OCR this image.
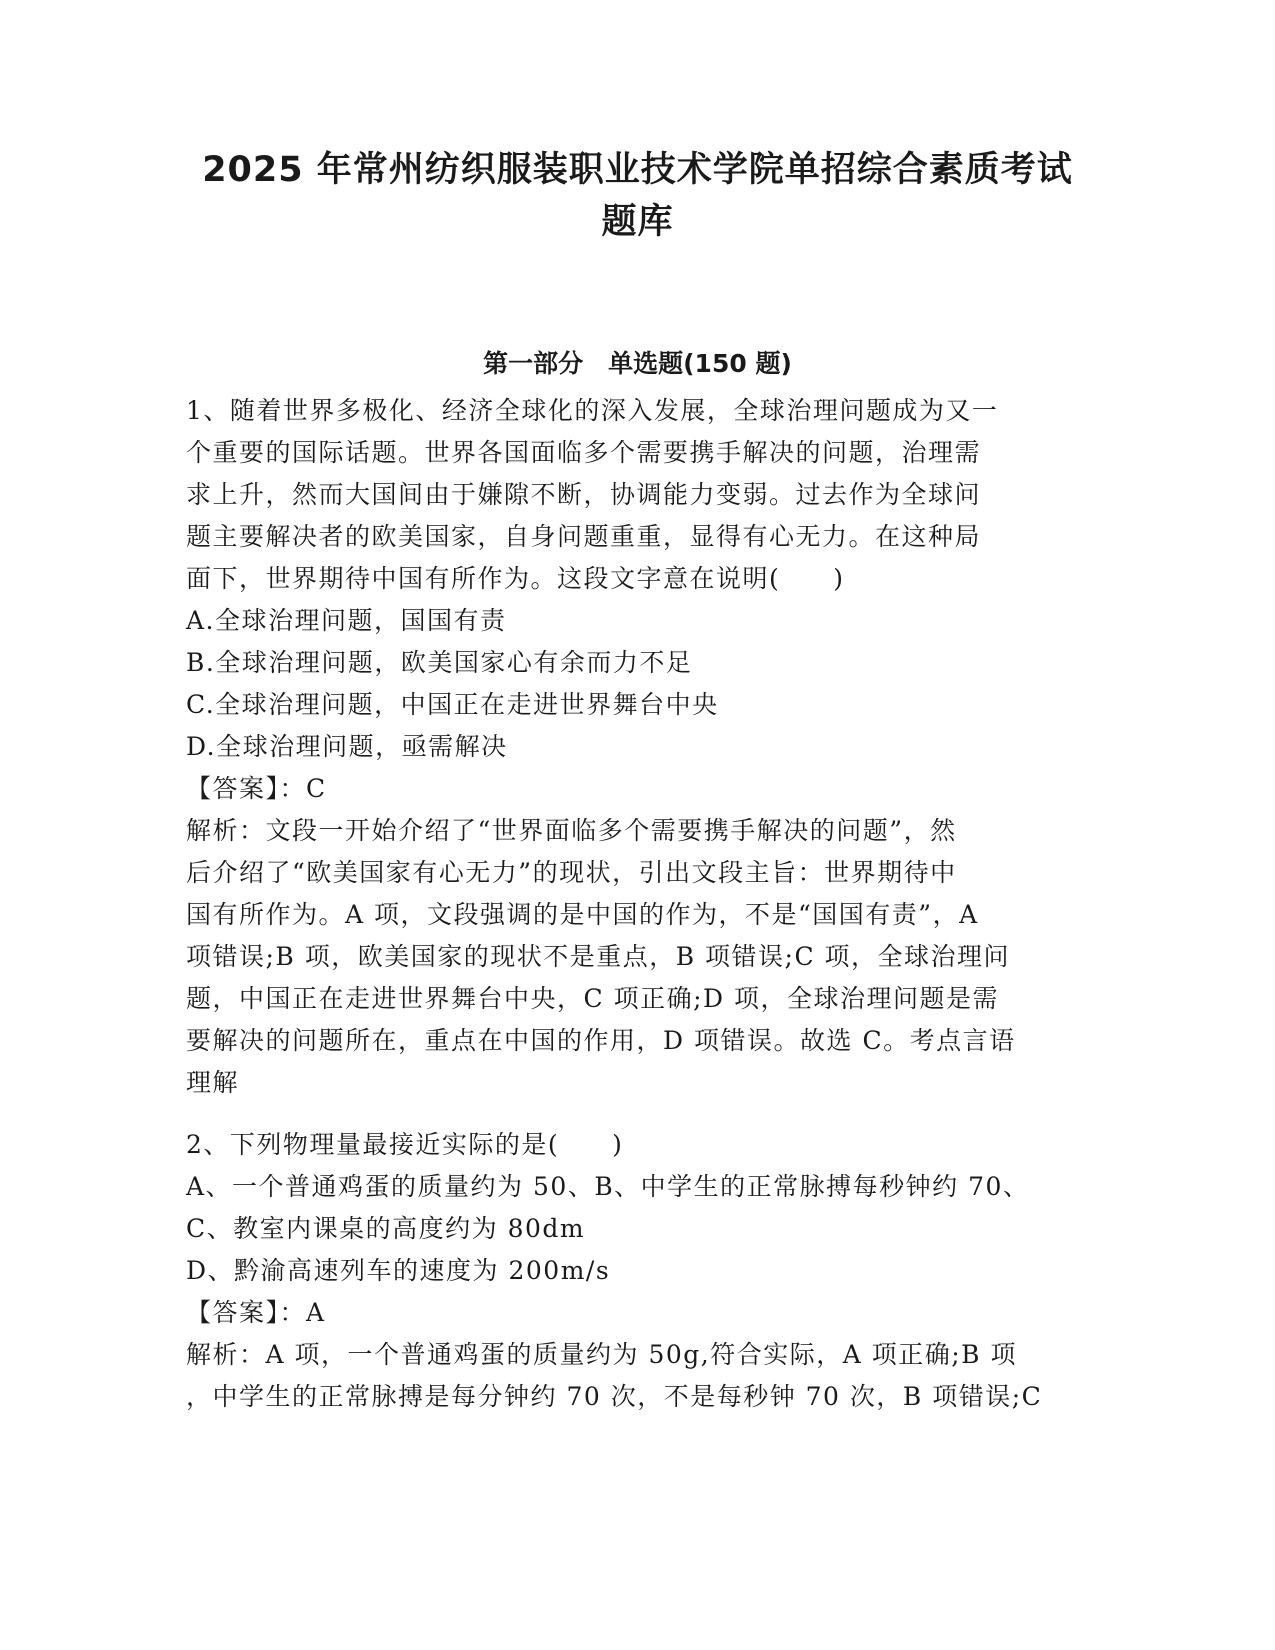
2025 年常州纺织服装职业技术学院单招综合素质考试
题库
第一部分　单选题(150 题)
1、随着世界多极化、经济全球化的深入发展，全球治理问题成为又一
个重要的国际话题。世界各国面临多个需要携手解决的问题，治理需
求上升，然而大国间由于嫌隙不断，协调能力变弱。过去作为全球问
题主要解决者的欧美国家，自身问题重重，显得有心无力。在这种局
面下，世界期待中国有所作为。这段文字意在说明(　　)
A.全球治理问题，国国有责
B.全球治理问题，欧美国家心有余而力不足
C.全球治理问题，中国正在走进世界舞台中央
D.全球治理问题，亟需解决
【答案】：C
解析：文段一开始介绍了“世界面临多个需要携手解决的问题”，然
后介绍了“欧美国家有心无力”的现状，引出文段主旨：世界期待中
国有所作为。A 项，文段强调的是中国的作为，不是“国国有责”，A
项错误;B 项，欧美国家的现状不是重点，B 项错误;C 项，全球治理问
题，中国正在走进世界舞台中央，C 项正确;D 项，全球治理问题是需
要解决的问题所在，重点在中国的作用，D 项错误。故选 C。考点言语
理解
2、下列物理量最接近实际的是(　　)
A、一个普通鸡蛋的质量约为 50、B、中学生的正常脉搏每秒钟约 70、
C、教室内课桌的高度约为 80dm
D、黔渝高速列车的速度为 200m/s
【答案】：A
解析：A 项，一个普通鸡蛋的质量约为 50g,符合实际，A 项正确;B 项
，中学生的正常脉搏是每分钟约 70 次，不是每秒钟 70 次，B 项错误;C
